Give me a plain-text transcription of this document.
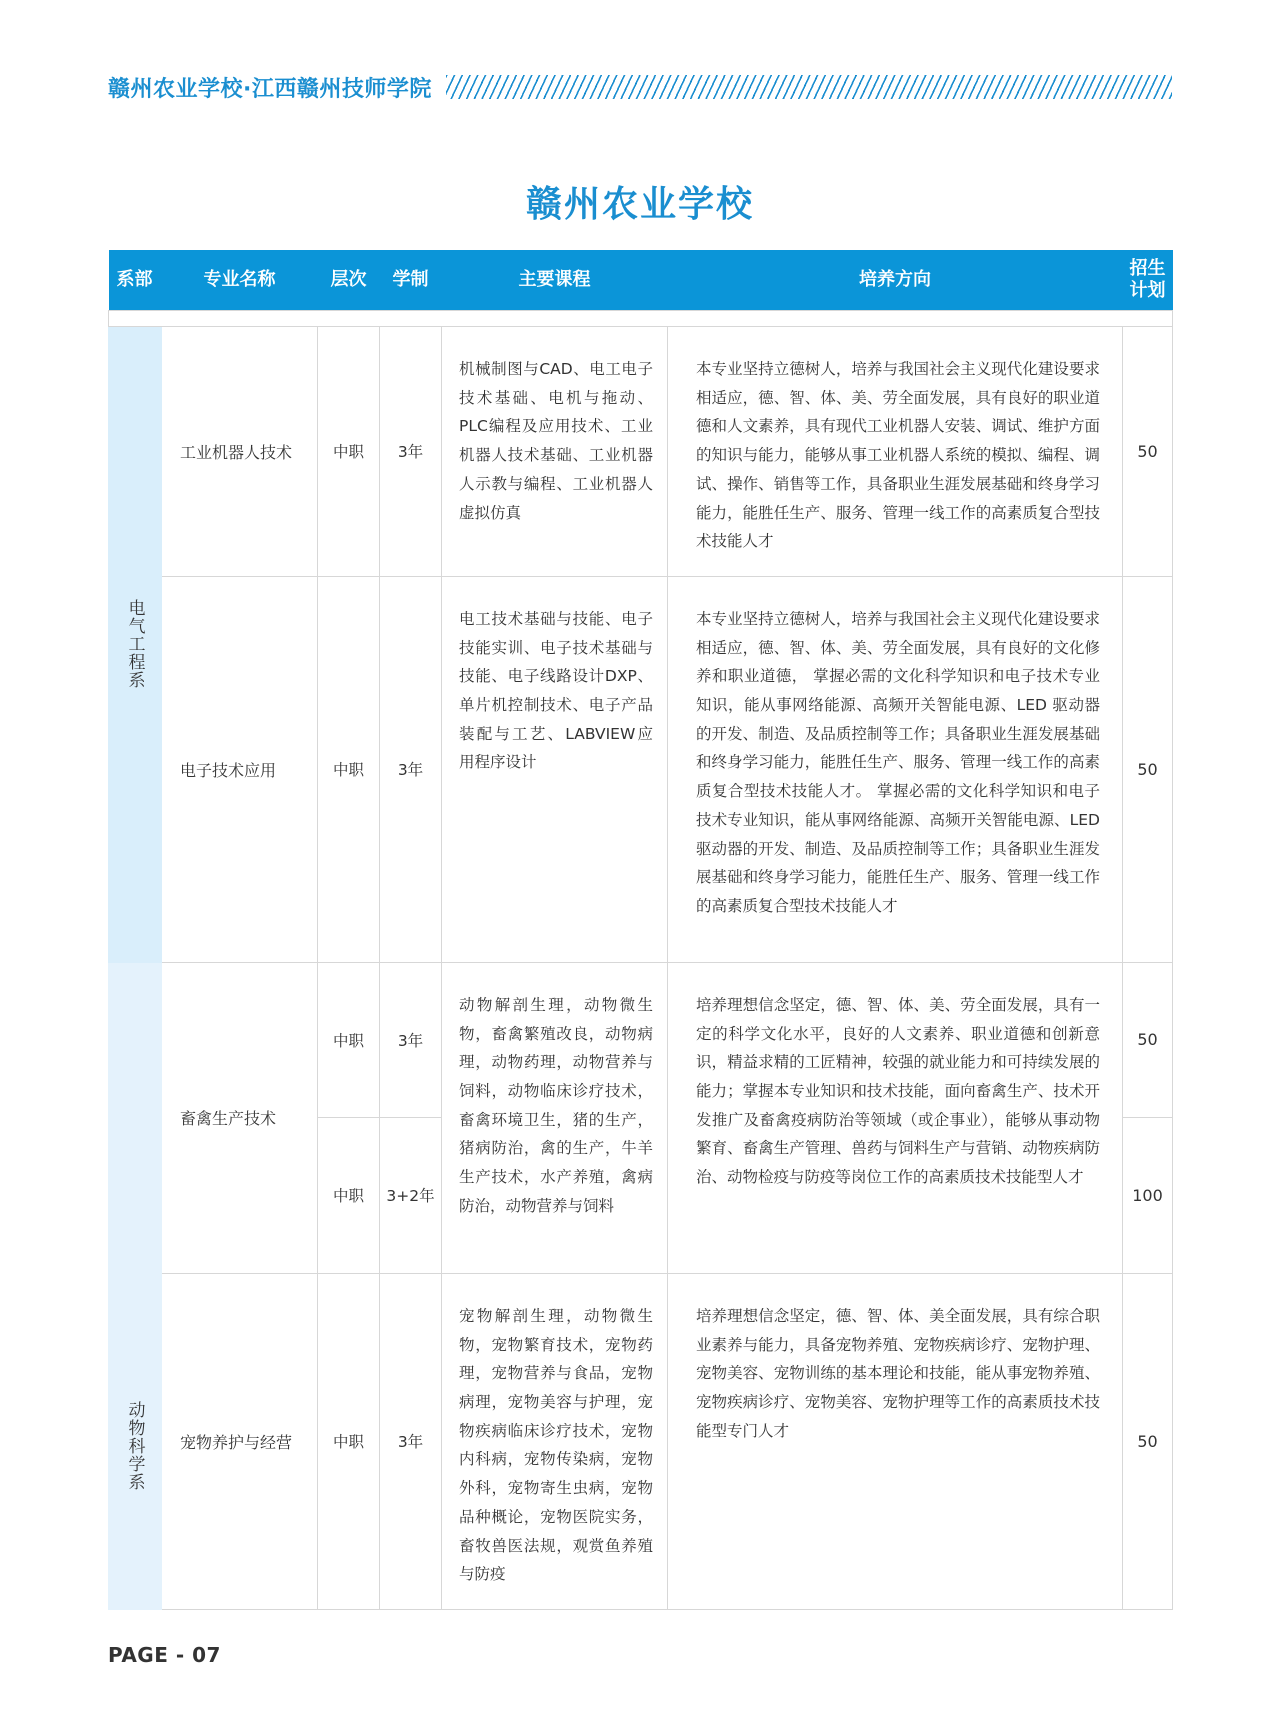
赣州农业学校·江西赣州技师学院
赣州农业学校
系部	专业名称	层次	学制	主要课程	培养方向	招生
计划

电气工程系	工业机器人技术	中职	3年	机械制图与CAD、电工电子技术基础、电机与拖动、PLC编程及应用技术、工业机器人技术基础、工业机器人示教与编程、工业机器人虚拟仿真	本专业坚持立德树人，培养与我国社会主义现代化建设要求相适应，德、智、体、美、劳全面发展，具有良好的职业道德和人文素养，具有现代工业机器人安装、调试、维护方面的知识与能力，能够从事工业机器人系统的模拟、编程、调试、操作、销售等工作，具备职业生涯发展基础和终身学习能力，能胜任生产、服务、管理一线工作的高素质复合型技术技能人才	50
	电子技术应用	中职	3年	电工技术基础与技能、电子技能实训、电子技术基础与技能、电子线路设计DXP、单片机控制技术、电子产品装配与工艺、LABVIEW应用程序设计	本专业坚持立德树人，培养与我国社会主义现代化建设要求相适应，德、智、体、美、劳全面发展，具有良好的文化修养和职业道德， 掌握必需的文化科学知识和电子技术专业知识，能从事网络能源、高频开关智能电源、LED 驱动器的开发、制造、及品质控制等工作；具备职业生涯发展基础和终身学习能力，能胜任生产、服务、管理一线工作的高素质复合型技术技能人才。 掌握必需的文化科学知识和电子技术专业知识，能从事网络能源、高频开关智能电源、LED 驱动器的开发、制造、及品质控制等工作；具备职业生涯发展基础和终身学习能力，能胜任生产、服务、管理一线工作的高素质复合型技术技能人才	50

动物科学系	畜禽生产技术	中职	3年	动物解剖生理，动物微生物，畜禽繁殖改良，动物病理，动物药理，动物营养与饲料，动物临床诊疗技术，畜禽环境卫生，猪的生产，猪病防治，禽的生产，牛羊生产技术，水产养殖，禽病防治，动物营养与饲料	培养理想信念坚定，德、智、体、美、劳全面发展，具有一定的科学文化水平，良好的人文素养、职业道德和创新意识，精益求精的工匠精神，较强的就业能力和可持续发展的能力；掌握本专业知识和技术技能，面向畜禽生产、技术开发推广及畜禽疫病防治等领域（或企事业），能够从事动物繁育、畜禽生产管理、兽药与饲料生产与营销、动物疾病防治、动物检疫与防疫等岗位工作的高素质技术技能型人才	50
		中职	3+2年			100
	宠物养护与经营	中职	3年	宠物解剖生理，动物微生物，宠物繁育技术，宠物药理，宠物营养与食品，宠物病理，宠物美容与护理，宠物疾病临床诊疗技术，宠物内科病，宠物传染病，宠物外科，宠物寄生虫病，宠物品种概论，宠物医院实务，畜牧兽医法规，观赏鱼养殖与防疫	培养理想信念坚定，德、智、体、美全面发展，具有综合职业素养与能力，具备宠物养殖、宠物疾病诊疗、宠物护理、宠物美容、宠物训练的基本理论和技能，能从事宠物养殖、宠物疾病诊疗、宠物美容、宠物护理等工作的高素质技术技能型专门人才	50
PAGE - 07
